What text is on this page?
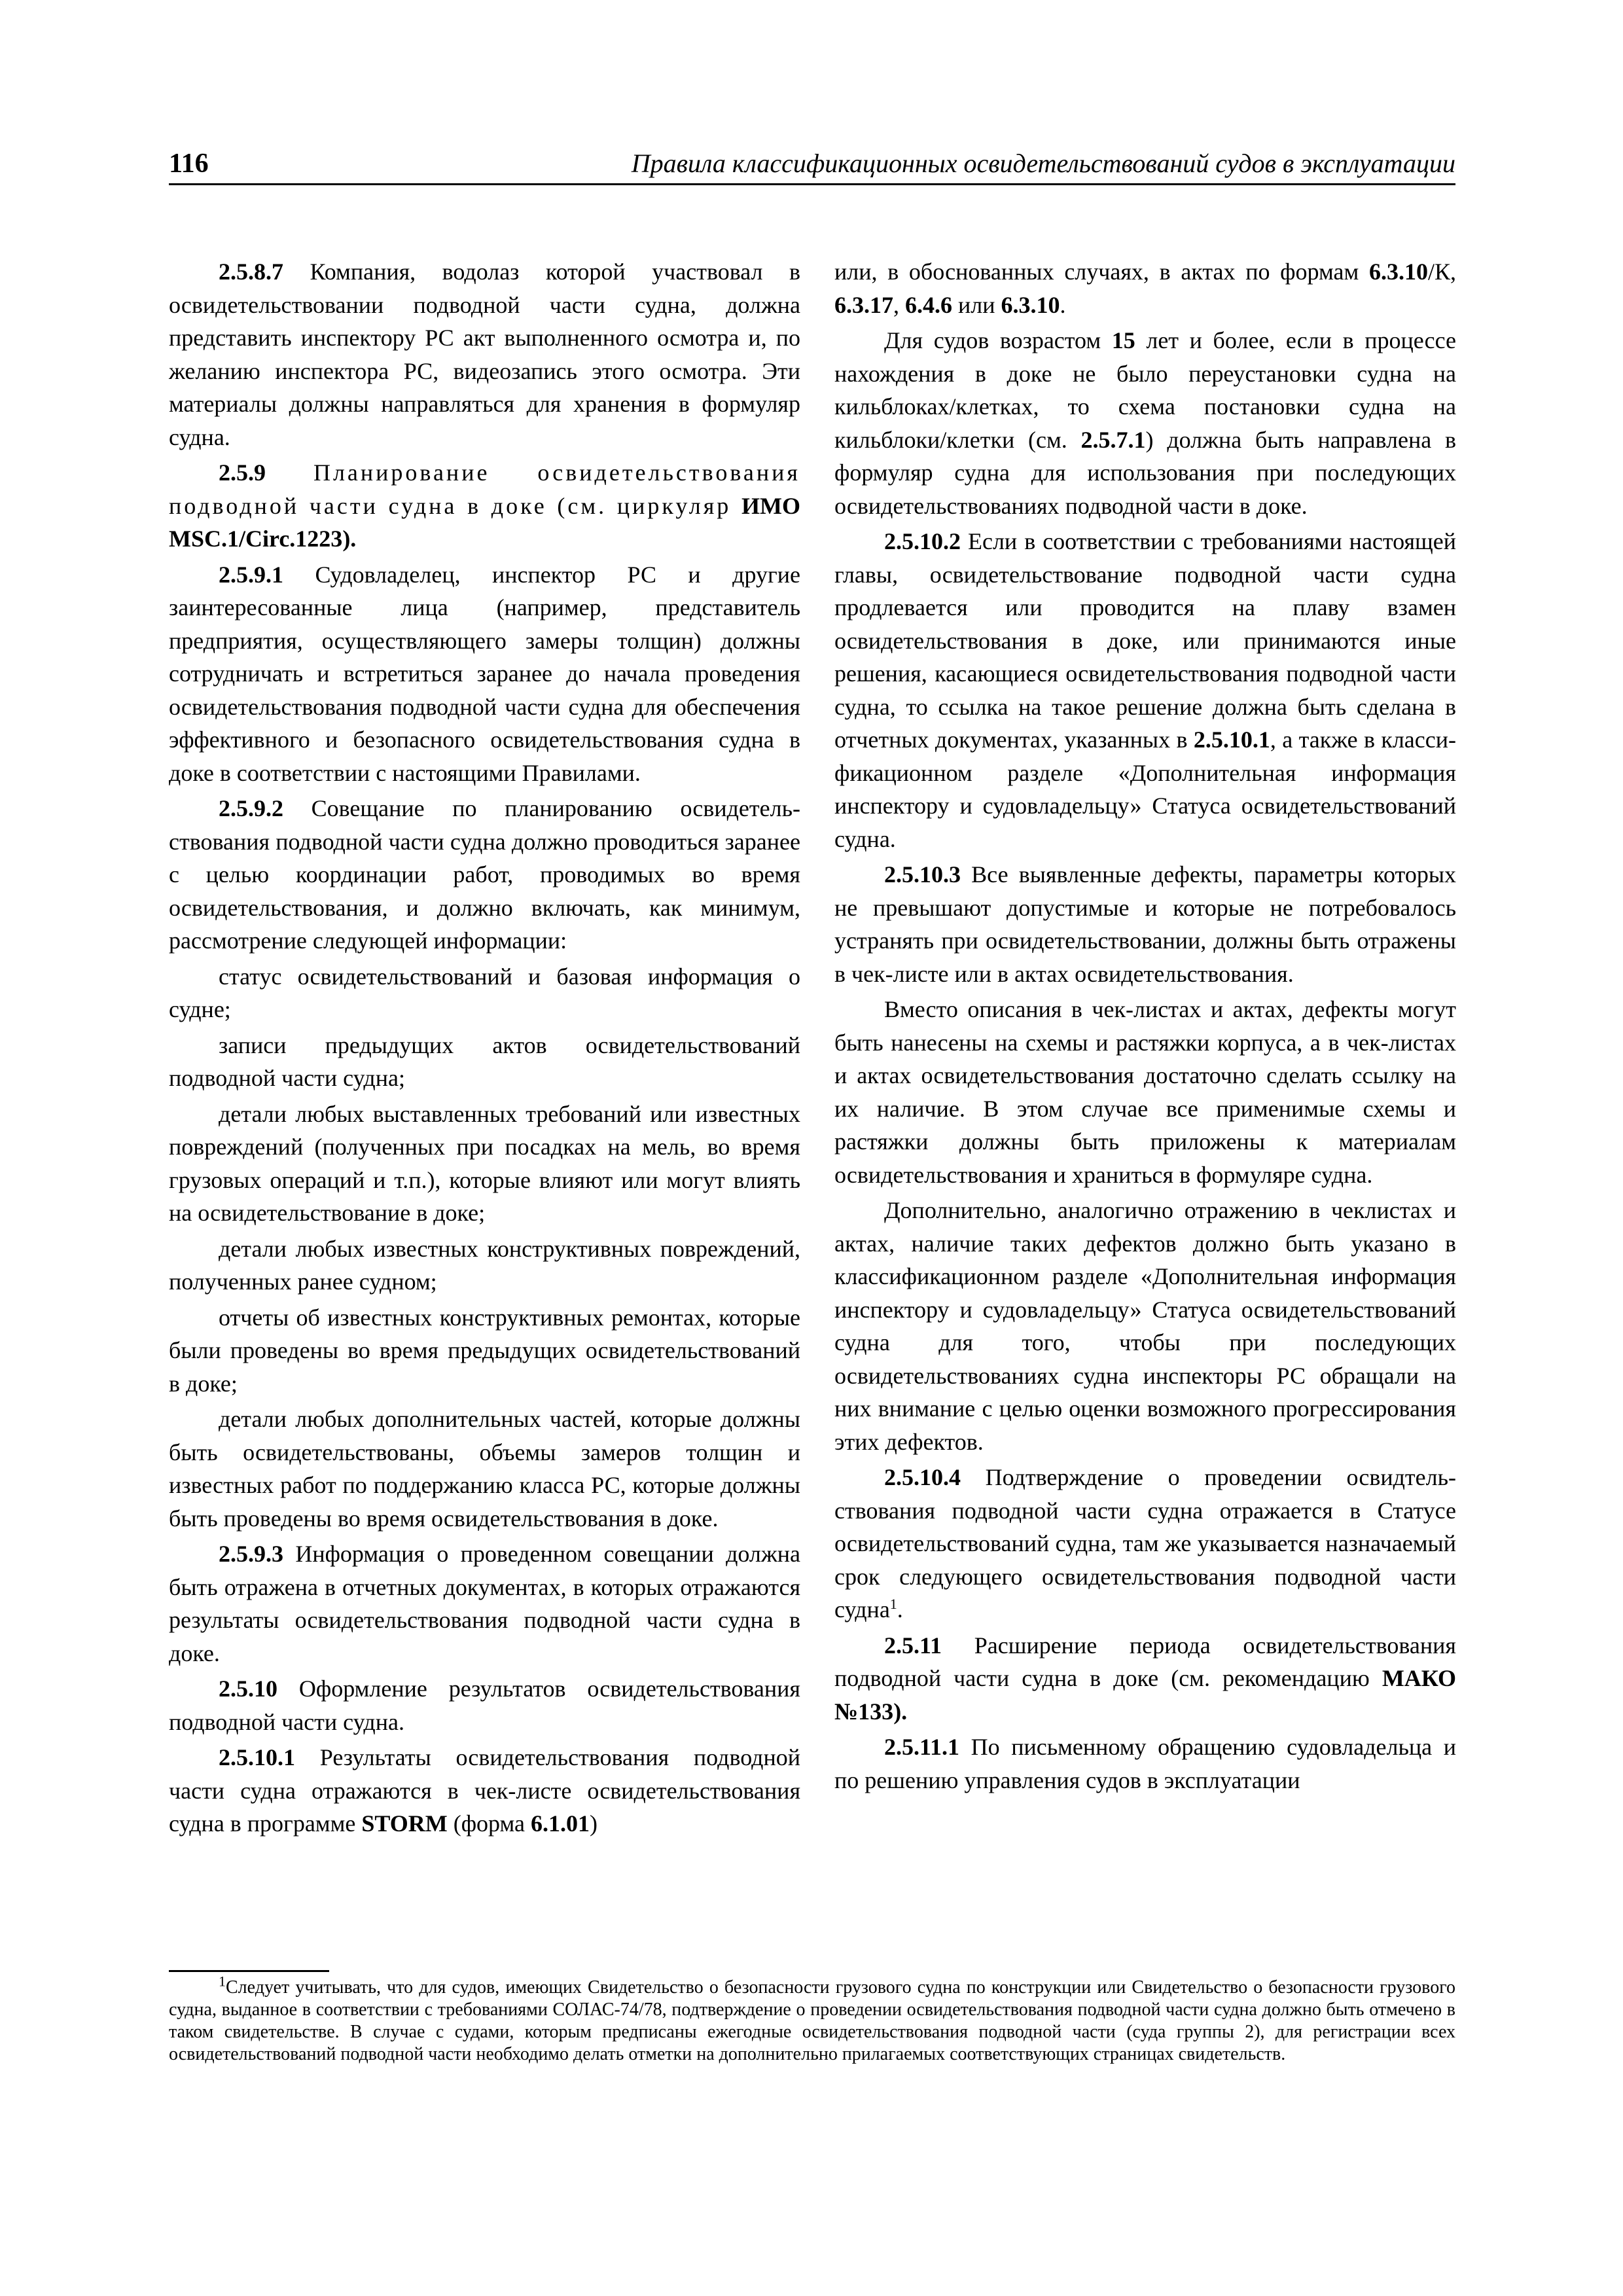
116	Правила классификационных освидетельствований судов в эксплуатации

2.5.8.7 Компания, водолаз которой участвовал в освидетельствовании подводной части судна, должна представить инспектору РС акт выполненного осмотра и, по желанию инспектора РС, видеозапись этого осмотра. Эти материалы должны направляться для хранения в формуляр судна.

2.5.9 Планирование освидетельствования подводной части судна в доке (см. циркуляр ИМО MSC.1/Circ.1223).

2.5.9.1 Судовладелец, инспектор РС и другие заинтересованные лица (например, представитель предприятия, осуществляющего замеры толщин) должны сотрудничать и встретиться заранее до начала проведения освидетельствования подводной части судна для обеспечения эффективного и безопасного освидетельствования судна в доке в соответствии с настоящими Правилами.

2.5.9.2 Совещание по планированию освидетельствования подводной части судна должно проводиться заранее с целью координации работ, проводимых во время освидетельствования, и должно включать, как минимум, рассмотрение следующей информации:

статус освидетельствований и базовая информация о судне;

записи предыдущих актов освидетельствований подводной части судна;

детали любых выставленных требований или известных повреждений (полученных при посадках на мель, во время грузовых операций и т.п.), которые влияют или могут влиять на освидетельствование в доке;

детали любых известных конструктивных повреждений, полученных ранее судном;

отчеты об известных конструктивных ремонтах, которые были проведены во время предыдущих освидетельствований в доке;

детали любых дополнительных частей, которые должны быть освидетельствованы, объемы замеров толщин и известных работ по поддержанию класса РС, которые должны быть проведены во время освидетельствования в доке.

2.5.9.3 Информация о проведенном совещании должна быть отражена в отчетных документах, в которых отражаются результаты освидетельствования подводной части судна в доке.

2.5.10 Оформление результатов освидетельствования подводной части судна.

2.5.10.1 Результаты освидетельствования подводной части судна отражаются в чек-листе освидетельствования судна в программе STORM (форма 6.1.01)

или, в обоснованных случаях, в актах по формам 6.3.10/К, 6.3.17, 6.4.6 или 6.3.10.

Для судов возрастом 15 лет и более, если в процессе нахождения в доке не было переустановки судна на кильблоках/клетках, то схема постановки судна на кильблоки/клетки (см. 2.5.7.1) должна быть направлена в формуляр судна для использования при последующих освидетельствованиях подводной части в доке.

2.5.10.2 Если в соответствии с требованиями настоящей главы, освидетельствование подводной части судна продлевается или проводится на плаву взамен освидетельствования в доке, или принимаются иные решения, касающиеся освидетельствования подводной части судна, то ссылка на такое решение должна быть сделана в отчетных документах, указанных в 2.5.10.1, а также в классификационном разделе «Дополнительная информация инспектору и судовладельцу» Статуса освидетельствований судна.

2.5.10.3 Все выявленные дефекты, параметры которых не превышают допустимые и которые не потребовалось устранять при освидетельствовании, должны быть отражены в чек-листе или в актах освидетельствования.

Вместо описания в чек-листах и актах, дефекты могут быть нанесены на схемы и растяжки корпуса, а в чек-листах и актах освидетельствования достаточно сделать ссылку на их наличие. В этом случае все применимые схемы и растяжки должны быть приложены к материалам освидетельствования и храниться в формуляре судна.

Дополнительно, аналогично отражению в чеклистах и актах, наличие таких дефектов должно быть указано в классификационном разделе «Дополнительная информация инспектору и судовладельцу» Статуса освидетельствований судна для того, чтобы при последующих освидетельствованиях судна инспекторы РС обращали на них внимание с целью оценки возможного прогрессирования этих дефектов.

2.5.10.4 Подтверждение о проведении освидтельствования подводной части судна отражается в Статусе освидетельствований судна, там же указывается назначаемый срок следующего освидетельствования подводной части судна$^1$.

2.5.11 Расширение периода освидетельствования подводной части судна в доке (см. рекомендацию МАКО №133).

2.5.11.1 По письменному обращению судовладельца и по решению управления судов в эксплуатации

$^1$Следует учитывать, что для судов, имеющих Свидетельство о безопасности грузового судна по конструкции или Свидетельство о безопасности грузового судна, выданное в соответствии с требованиями СОЛАС-74/78, подтверждение о проведении освидетельствования подводной части судна должно быть отмечено в таком свидетельстве. В случае с судами, которым предписаны ежегодные освидетельствования подводной части (суда группы 2), для регистрации всех освидетельствований подводной части необходимо делать отметки на дополнительно прилагаемых соответствующих страницах свидетельств.
